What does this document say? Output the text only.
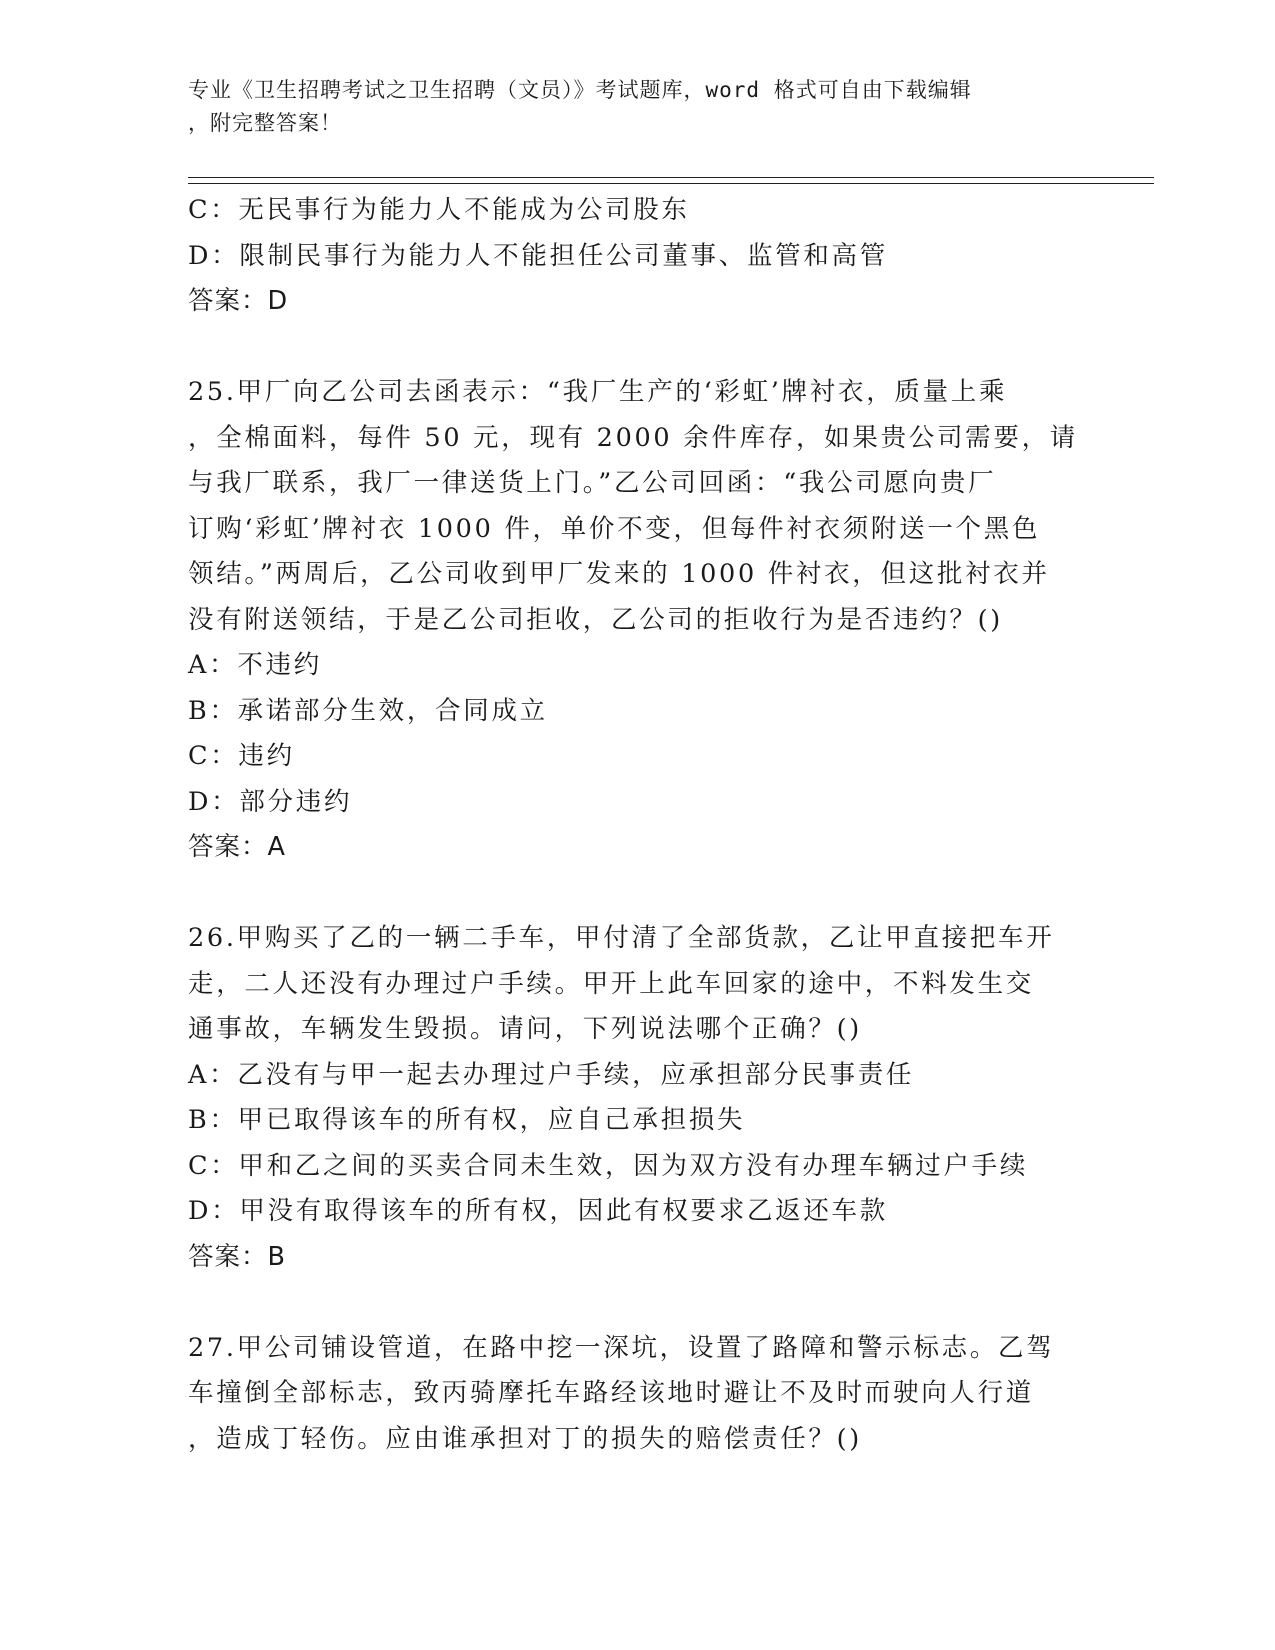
专业《卫生招聘考试之卫生招聘（文员）》考试题库，word 格式可自由下载编辑
，附完整答案！
C：无民事行为能力人不能成为公司股东
D：限制民事行为能力人不能担任公司董事、监管和高管
答案：D
25.甲厂向乙公司去函表示：“我厂生产的‘彩虹’牌衬衣，质量上乘
，全棉面料，每件 50 元，现有 2000 余件库存，如果贵公司需要，请
与我厂联系，我厂一律送货上门。”乙公司回函：“我公司愿向贵厂
订购‘彩虹’牌衬衣 1000 件，单价不变，但每件衬衣须附送一个黑色
领结。”两周后，乙公司收到甲厂发来的 1000 件衬衣，但这批衬衣并
没有附送领结，于是乙公司拒收，乙公司的拒收行为是否违约？()
A：不违约
B：承诺部分生效，合同成立
C：违约
D：部分违约
答案：A
26.甲购买了乙的一辆二手车，甲付清了全部货款，乙让甲直接把车开
走，二人还没有办理过户手续。甲开上此车回家的途中，不料发生交
通事故，车辆发生毁损。请问，下列说法哪个正确？()
A：乙没有与甲一起去办理过户手续，应承担部分民事责任
B：甲已取得该车的所有权，应自己承担损失
C：甲和乙之间的买卖合同未生效，因为双方没有办理车辆过户手续
D：甲没有取得该车的所有权，因此有权要求乙返还车款
答案：B
27.甲公司铺设管道，在路中挖一深坑，设置了路障和警示标志。乙驾
车撞倒全部标志，致丙骑摩托车路经该地时避让不及时而驶向人行道
，造成丁轻伤。应由谁承担对丁的损失的赔偿责任？()
